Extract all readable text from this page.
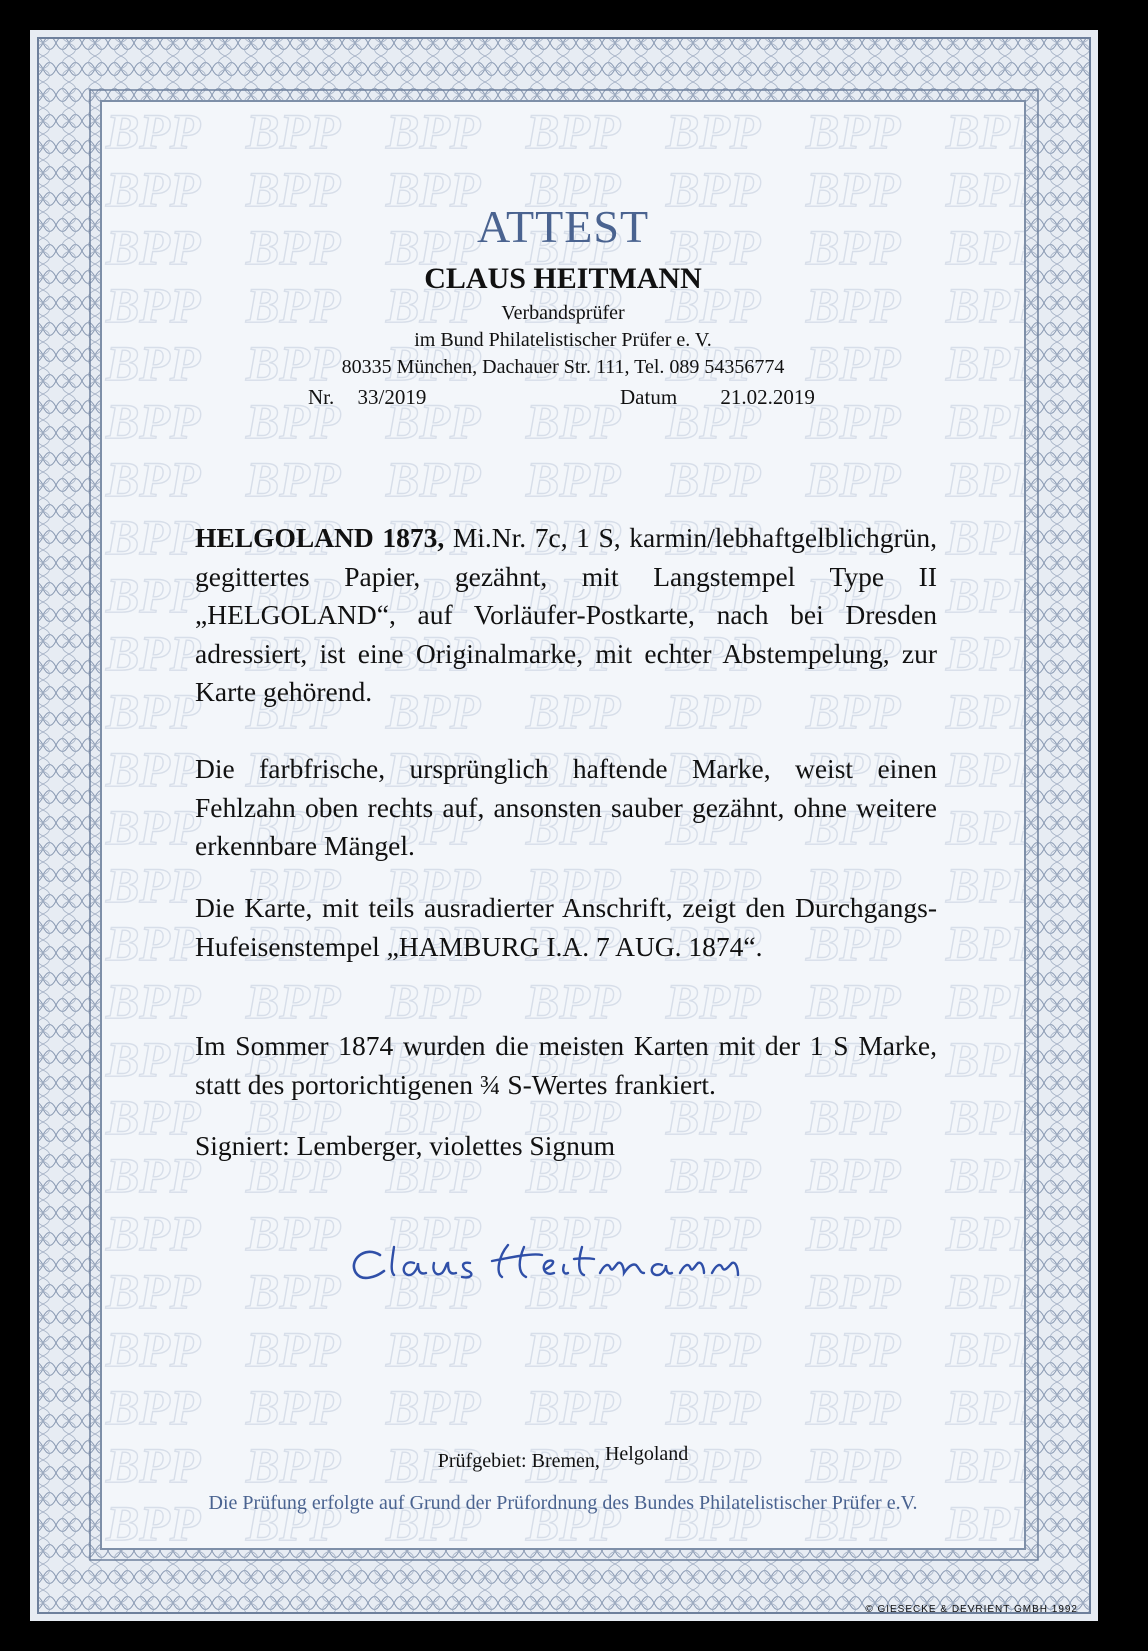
ATTEST
CLAUS HEITMANN
Verbandsprüfer
im Bund Philatelistischer Prüfer e. V.
80335 München, Dachauer Str. 111, Tel. 089 54356774
Nr. 33/2019	Datum 21.02.2019

HELGOLAND 1873, Mi.Nr. 7c, 1 S, karmin/lebhaftgelblichgrün, gegittertes Papier, gezähnt, mit Langstempel Type II „HELGOLAND“, auf Vorläufer-Postkarte, nach bei Dresden adressiert, ist eine Originalmarke, mit echter Abstempelung, zur Karte gehörend.

Die farbfrische, ursprünglich haftende Marke, weist einen Fehlzahn oben rechts auf, ansonsten sauber gezähnt, ohne weitere erkennbare Mängel.

Die Karte, mit teils ausradierter Anschrift, zeigt den Durchgangs-Hufeisenstempel „HAMBURG I.A. 7 AUG. 1874“.

Im Sommer 1874 wurden die meisten Karten mit der 1 S Marke, statt des portorichtigenen ¾ S-Wertes frankiert.

Signiert: Lemberger, violettes Signum

Prüfgebiet: Bremen, Helgoland
Die Prüfung erfolgte auf Grund der Prüfordnung des Bundes Philatelistischer Prüfer e.V.
© GIESECKE & DEVRIENT GMBH 1992
